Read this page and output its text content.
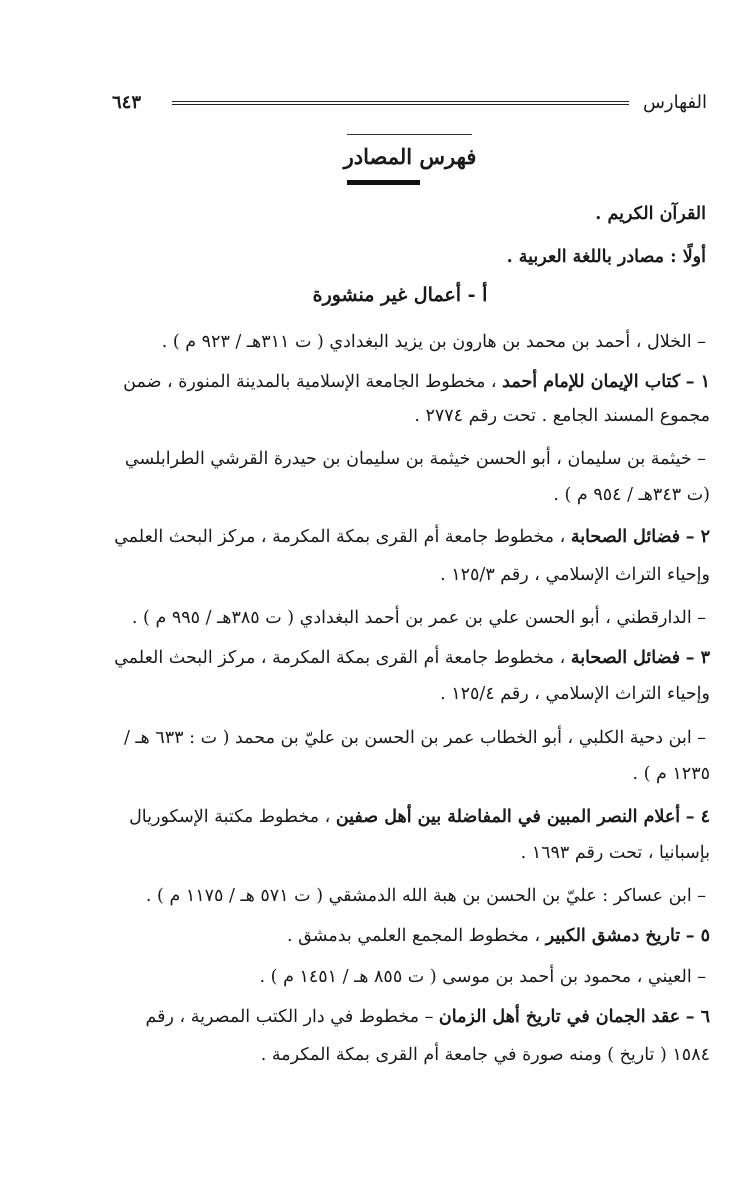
الفهارس
٦٤٣
فهرس المصادر
القرآن الكريم .
أولًا : مصادر باللغة العربية .
أ - أعمال غير منشورة
– الخلال ، أحمد بن محمد بن هارون بن يزيد البغدادي ( ت ٣١١هـ / ٩٢٣ م ) .
١ – كتاب الإيمان للإمام أحمد ، مخطوط الجامعة الإسلامية بالمدينة المنورة ، ضمن
مجموع المسند الجامع . تحت رقم ٢٧٧٤ .
– خيثمة بن سليمان ، أبو الحسن خيثمة بن سليمان بن حيدرة القرشي الطرابلسي
(ت ٣٤٣هـ / ٩٥٤ م ) .
٢ – فضائل الصحابة ، مخطوط جامعة أم القرى بمكة المكرمة ، مركز البحث العلمي
وإحياء التراث الإسلامي ، رقم ١٢٥/٣ .
– الدارقطني ، أبو الحسن علي بن عمر بن أحمد البغدادي ( ت ٣٨٥هـ / ٩٩٥ م ) .
٣ – فضائل الصحابة ، مخطوط جامعة أم القرى بمكة المكرمة ، مركز البحث العلمي
وإحياء التراث الإسلامي ، رقم ١٢٥/٤ .
– ابن دحية الكلبي ، أبو الخطاب عمر بن الحسن بن عليّ بن محمد ( ت : ٦٣٣ هـ /
١٢٣٥ م ) .
٤ – أعلام النصر المبين في المفاضلة بين أهل صفين ، مخطوط مكتبة الإسكوريال
بإسبانيا ، تحت رقم ١٦٩٣ .
– ابن عساكر : عليّ بن الحسن بن هبة الله الدمشقي ( ت ٥٧١ هـ / ١١٧٥ م ) .
٥ – تاريخ دمشق الكبير ، مخطوط المجمع العلمي بدمشق .
– العيني ، محمود بن أحمد بن موسى ( ت ٨٥٥ هـ / ١٤٥١ م ) .
٦ – عقد الجمان في تاريخ أهل الزمان – مخطوط في دار الكتب المصرية ، رقم
١٥٨٤ ( تاريخ ) ومنه صورة في جامعة أم القرى بمكة المكرمة .
